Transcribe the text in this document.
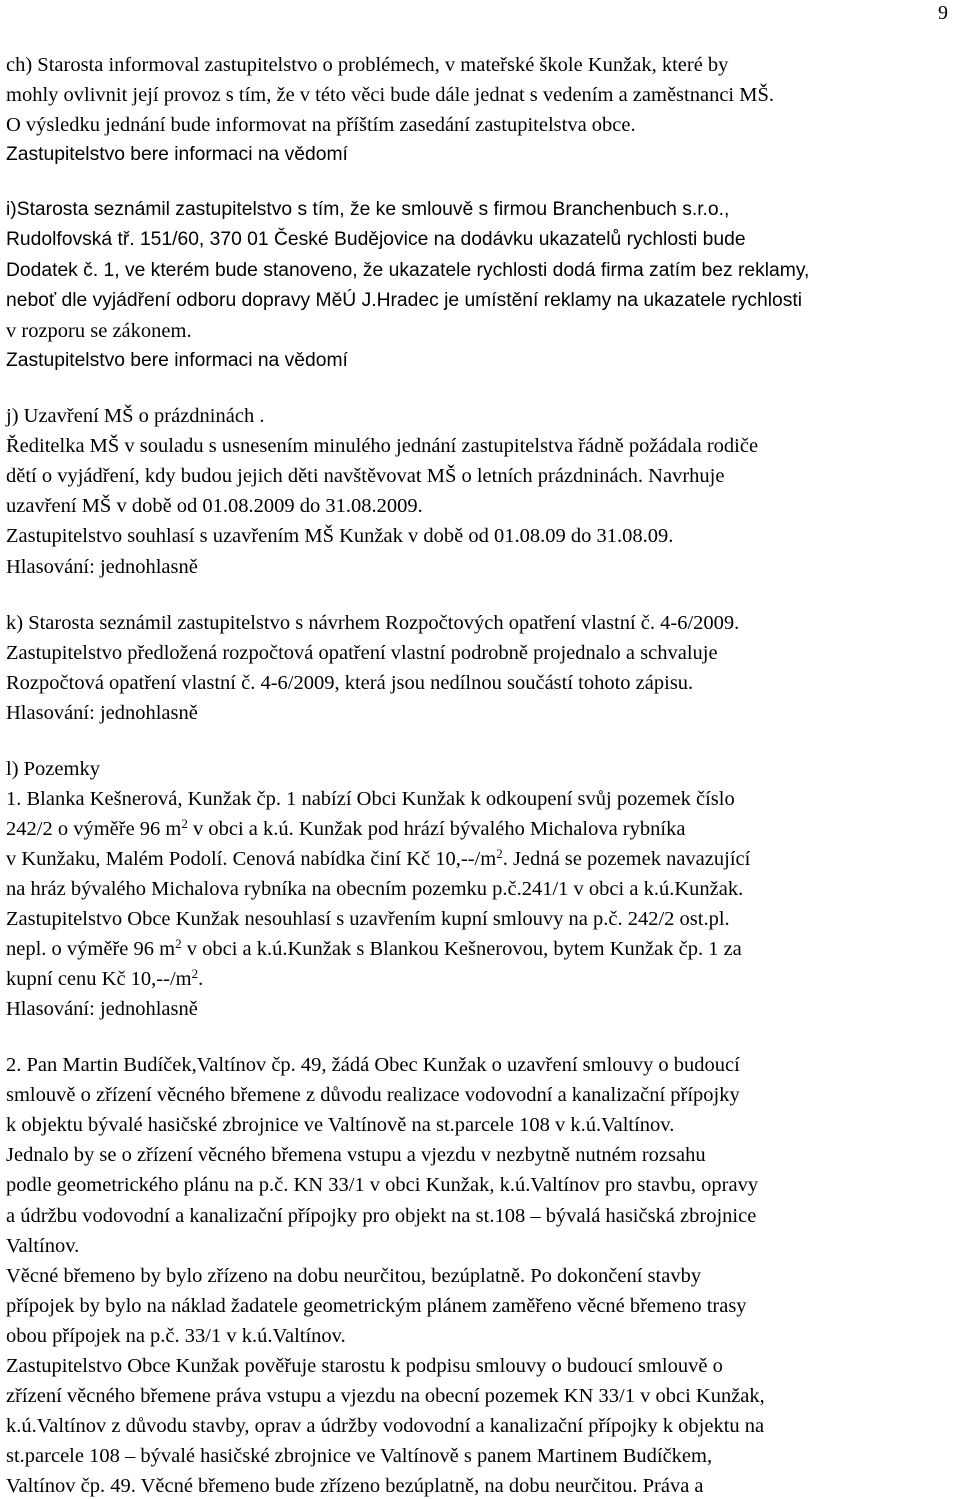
9
ch) Starosta informoval zastupitelstvo o problémech, v mateřské škole Kunžak, které by
mohly ovlivnit její provoz s tím, že v této věci bude dále jednat s vedením a zaměstnanci MŠ.
O výsledku jednání bude informovat na příštím zasedání zastupitelstva obce.
Zastupitelstvo bere informaci na vědomí
i)Starosta seznámil zastupitelstvo s tím, že ke smlouvě s firmou Branchenbuch s.r.o.,
Rudolfovská tř. 151/60, 370 01 České Budějovice na dodávku ukazatelů rychlosti bude
Dodatek č. 1, ve kterém bude stanoveno, že ukazatele rychlosti dodá firma zatím bez reklamy,
neboť dle vyjádření odboru dopravy MěÚ J.Hradec je umístění reklamy na ukazatele rychlosti
v rozporu se zákonem.
Zastupitelstvo bere informaci na vědomí
j) Uzavření MŠ o prázdninách .
Ředitelka MŠ v souladu s usnesením minulého jednání zastupitelstva řádně požádala rodiče
dětí o vyjádření, kdy budou jejich děti navštěvovat MŠ o letních prázdninách. Navrhuje
uzavření MŠ v době od 01.08.2009 do 31.08.2009.
Zastupitelstvo souhlasí s uzavřením MŠ Kunžak v době od 01.08.09 do 31.08.09.
Hlasování: jednohlasně
k) Starosta seznámil zastupitelstvo s návrhem Rozpočtových opatření vlastní č. 4-6/2009.
Zastupitelstvo předložená rozpočtová opatření vlastní podrobně projednalo a schvaluje
Rozpočtová opatření vlastní č. 4-6/2009, která jsou nedílnou součástí tohoto zápisu.
Hlasování: jednohlasně
l) Pozemky
1. Blanka Kešnerová, Kunžak čp. 1 nabízí Obci Kunžak k odkoupení svůj pozemek číslo
242/2 o výměře 96 $m^2$ v obci a k.ú. Kunžak pod hrází bývalého Michalova rybníka
v Kunžaku, Malém Podolí. Cenová nabídka činí Kč $10,--/m^2$. Jedná se pozemek navazující
na hráz bývalého Michalova rybníka na obecním pozemku p.č.241/1 v obci a k.ú.Kunžak.
Zastupitelstvo Obce Kunžak nesouhlasí s uzavřením kupní smlouvy na p.č. 242/2 ost.pl.
nepl. o výměře 96 $m^2$ v obci a k.ú.Kunžak s Blankou Kešnerovou, bytem Kunžak čp. 1 za
kupní cenu Kč $10,--/m^2$.
Hlasování: jednohlasně
2. Pan Martin Budíček,Valtínov čp. 49, žádá Obec Kunžak o uzavření smlouvy o budoucí
smlouvě o zřízení věcného břemene z důvodu realizace vodovodní a kanalizační přípojky
k objektu bývalé hasičské zbrojnice ve Valtínově na st.parcele 108 v k.ú.Valtínov.
Jednalo by se o zřízení věcného břemena vstupu a vjezdu v nezbytně nutném rozsahu
podle geometrického plánu na p.č. KN 33/1 v obci Kunžak, k.ú.Valtínov pro stavbu, opravy
a údržbu vodovodní a kanalizační přípojky pro objekt na st.108 – bývalá hasičská zbrojnice
Valtínov.
Věcné břemeno by bylo zřízeno na dobu neurčitou, bezúplatně. Po dokončení stavby
přípojek by bylo na náklad žadatele geometrickým plánem zaměřeno věcné břemeno trasy
obou přípojek na p.č. 33/1 v k.ú.Valtínov.
Zastupitelstvo Obce Kunžak pověřuje starostu k podpisu smlouvy o budoucí smlouvě o
zřízení věcného břemene práva vstupu a vjezdu na obecní pozemek KN 33/1 v obci Kunžak,
k.ú.Valtínov z důvodu stavby, oprav a údržby vodovodní a kanalizační přípojky k objektu na
st.parcele 108 – bývalé hasičské zbrojnice ve Valtínově s panem Martinem Budíčkem,
Valtínov čp. 49. Věcné břemeno bude zřízeno bezúplatně, na dobu neurčitou. Práva a
